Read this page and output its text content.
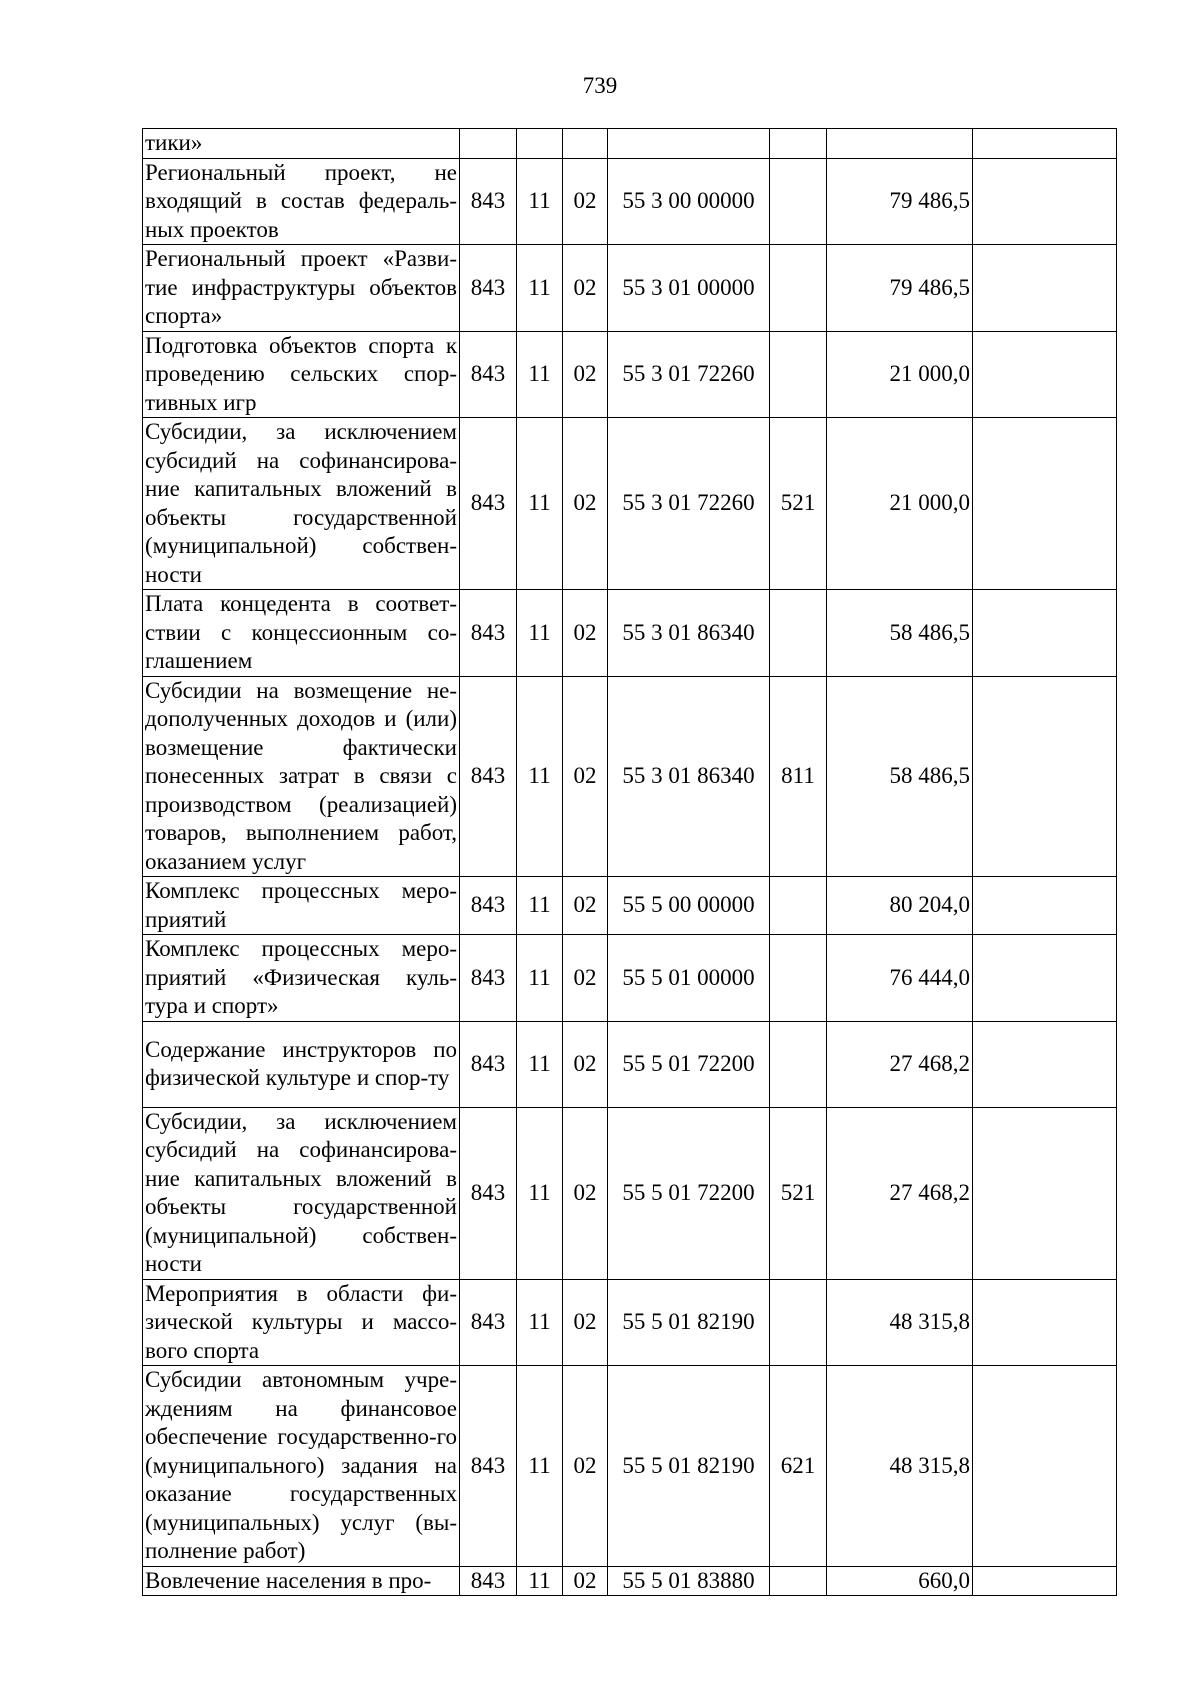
739
тики»							

Региональный проект, не входящий в состав федераль-ных проектов	843	11	02	55 3 00 00000		79 486,5	

Региональный проект «Разви-тие инфраструктуры объектов спорта»	843	11	02	55 3 01 00000		79 486,5	

Подготовка объектов спорта к проведению сельских спор-тивных игр	843	11	02	55 3 01 72260		21 000,0	

Субсидии, за исключением субсидий на софинансирова-ние капитальных вложений в объекты государственной (муниципальной) собствен-ности	843	11	02	55 3 01 72260	521	21 000,0	

Плата концедента в соответ-ствии с концессионным со-глашением	843	11	02	55 3 01 86340		58 486,5	

Субсидии на возмещение не-дополученных доходов и (или) возмещение фактически понесенных затрат в связи с производством (реализацией) товаров, выполнением работ, оказанием услуг	843	11	02	55 3 01 86340	811	58 486,5	

Комплекс процессных меро-приятий	843	11	02	55 5 00 00000		80 204,0	

Комплекс процессных меро-приятий «Физическая куль-тура и спорт»	843	11	02	55 5 01 00000		76 444,0	

Содержание инструкторов по физической культуре и спор-ту	843	11	02	55 5 01 72200		27 468,2	

Субсидии, за исключением субсидий на софинансирова-ние капитальных вложений в объекты государственной (муниципальной) собствен-ности	843	11	02	55 5 01 72200	521	27 468,2	

Мероприятия в области фи-зической культуры и массо-вого спорта	843	11	02	55 5 01 82190		48 315,8	

Субсидии автономным учре-ждениям на финансовое обеспечение государственно-го (муниципального) задания на оказание государственных (муниципальных) услуг (вы-полнение работ)	843	11	02	55 5 01 82190	621	48 315,8	

Вовлечение населения в про-	843	11	02	55 5 01 83880		660,0	
